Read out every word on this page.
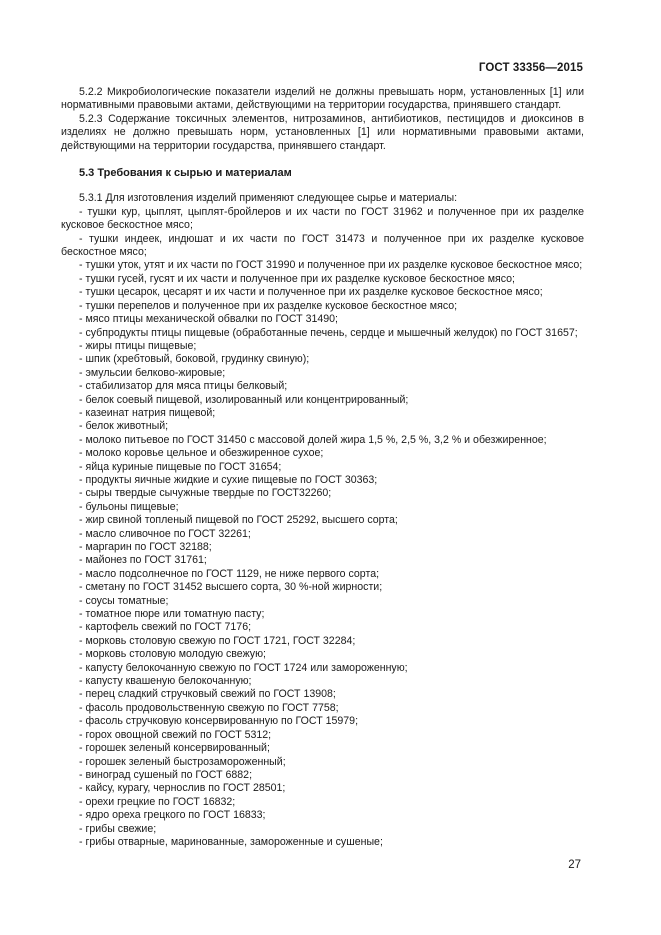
ГОСТ 33356—2015

5.2.2 Микробиологические показатели изделий не должны превышать норм, установленных [1] или нормативными правовыми актами, действующими на территории государства, принявшего стандарт.

5.2.3 Содержание токсичных элементов, нитрозаминов, антибиотиков, пестицидов и диоксинов в изделиях не должно превышать норм, установленных [1] или нормативными правовыми актами, действующими на территории государства, принявшего стандарт.

5.3 Требования к сырью и материалам

5.3.1 Для изготовления изделий применяют следующее сырье и материалы:

- тушки кур, цыплят, цыплят-бройлеров и их части по ГОСТ 31962 и полученное при их разделке кусковое бескостное мясо;

- тушки индеек, индюшат и их части по ГОСТ 31473 и полученное при их разделке кусковое бескостное мясо;

- тушки уток, утят и их части по ГОСТ 31990 и полученное при их разделке кусковое бескостное мясо;

- тушки гусей, гусят и их части и полученное при их разделке кусковое бескостное мясо;

- тушки цесарок, цесарят и их части и полученное при их разделке кусковое бескостное мясо;

- тушки перепелов и полученное при их разделке кусковое бескостное мясо;

- мясо птицы механической обвалки по ГОСТ 31490;

- субпродукты птицы пищевые (обработанные печень, сердце и мышечный желудок) по ГОСТ 31657;

- жиры птицы пищевые;

- шпик (хребтовый, боковой, грудинку свиную);

- эмульсии белково-жировые;

- стабилизатор для мяса птицы белковый;

- белок соевый пищевой, изолированный или концентрированный;

- казеинат натрия пищевой;

- белок животный;

- молоко питьевое по ГОСТ 31450 с массовой долей жира 1,5 %, 2,5 %, 3,2 % и обезжиренное;

- молоко коровье цельное и обезжиренное сухое;

- яйца куриные пищевые по ГОСТ 31654;

- продукты яичные жидкие и сухие пищевые по ГОСТ 30363;

- сыры твердые сычужные твердые по ГОСТ32260;

- бульоны пищевые;

- жир свиной топленый пищевой по ГОСТ 25292, высшего сорта;

- масло сливочное по ГОСТ 32261;

- маргарин по ГОСТ 32188;

- майонез по ГОСТ 31761;

- масло подсолнечное по ГОСТ 1129, не ниже первого сорта;

- сметану по ГОСТ 31452 высшего сорта, 30 %-ной жирности;

- соусы томатные;

- томатное пюре или томатную пасту;

- картофель свежий по ГОСТ 7176;

- морковь столовую свежую по ГОСТ 1721, ГОСТ 32284;

- морковь столовую молодую свежую;

- капусту белокочанную свежую по ГОСТ 1724 или замороженную;

- капусту квашеную белокочанную;

- перец сладкий стручковый свежий по ГОСТ 13908;

- фасоль продовольственную свежую по ГОСТ 7758;

- фасоль стручковую консервированную по ГОСТ 15979;

- горох овощной свежий по ГОСТ 5312;

- горошек зеленый консервированный;

- горошек зеленый быстрозамороженный;

- виноград сушеный по ГОСТ 6882;

- кайсу, курагу, чернослив по ГОСТ 28501;

- орехи грецкие по ГОСТ 16832;

- ядро ореха грецкого по ГОСТ 16833;

- грибы свежие;

- грибы отварные, маринованные, замороженные и сушеные;

27
